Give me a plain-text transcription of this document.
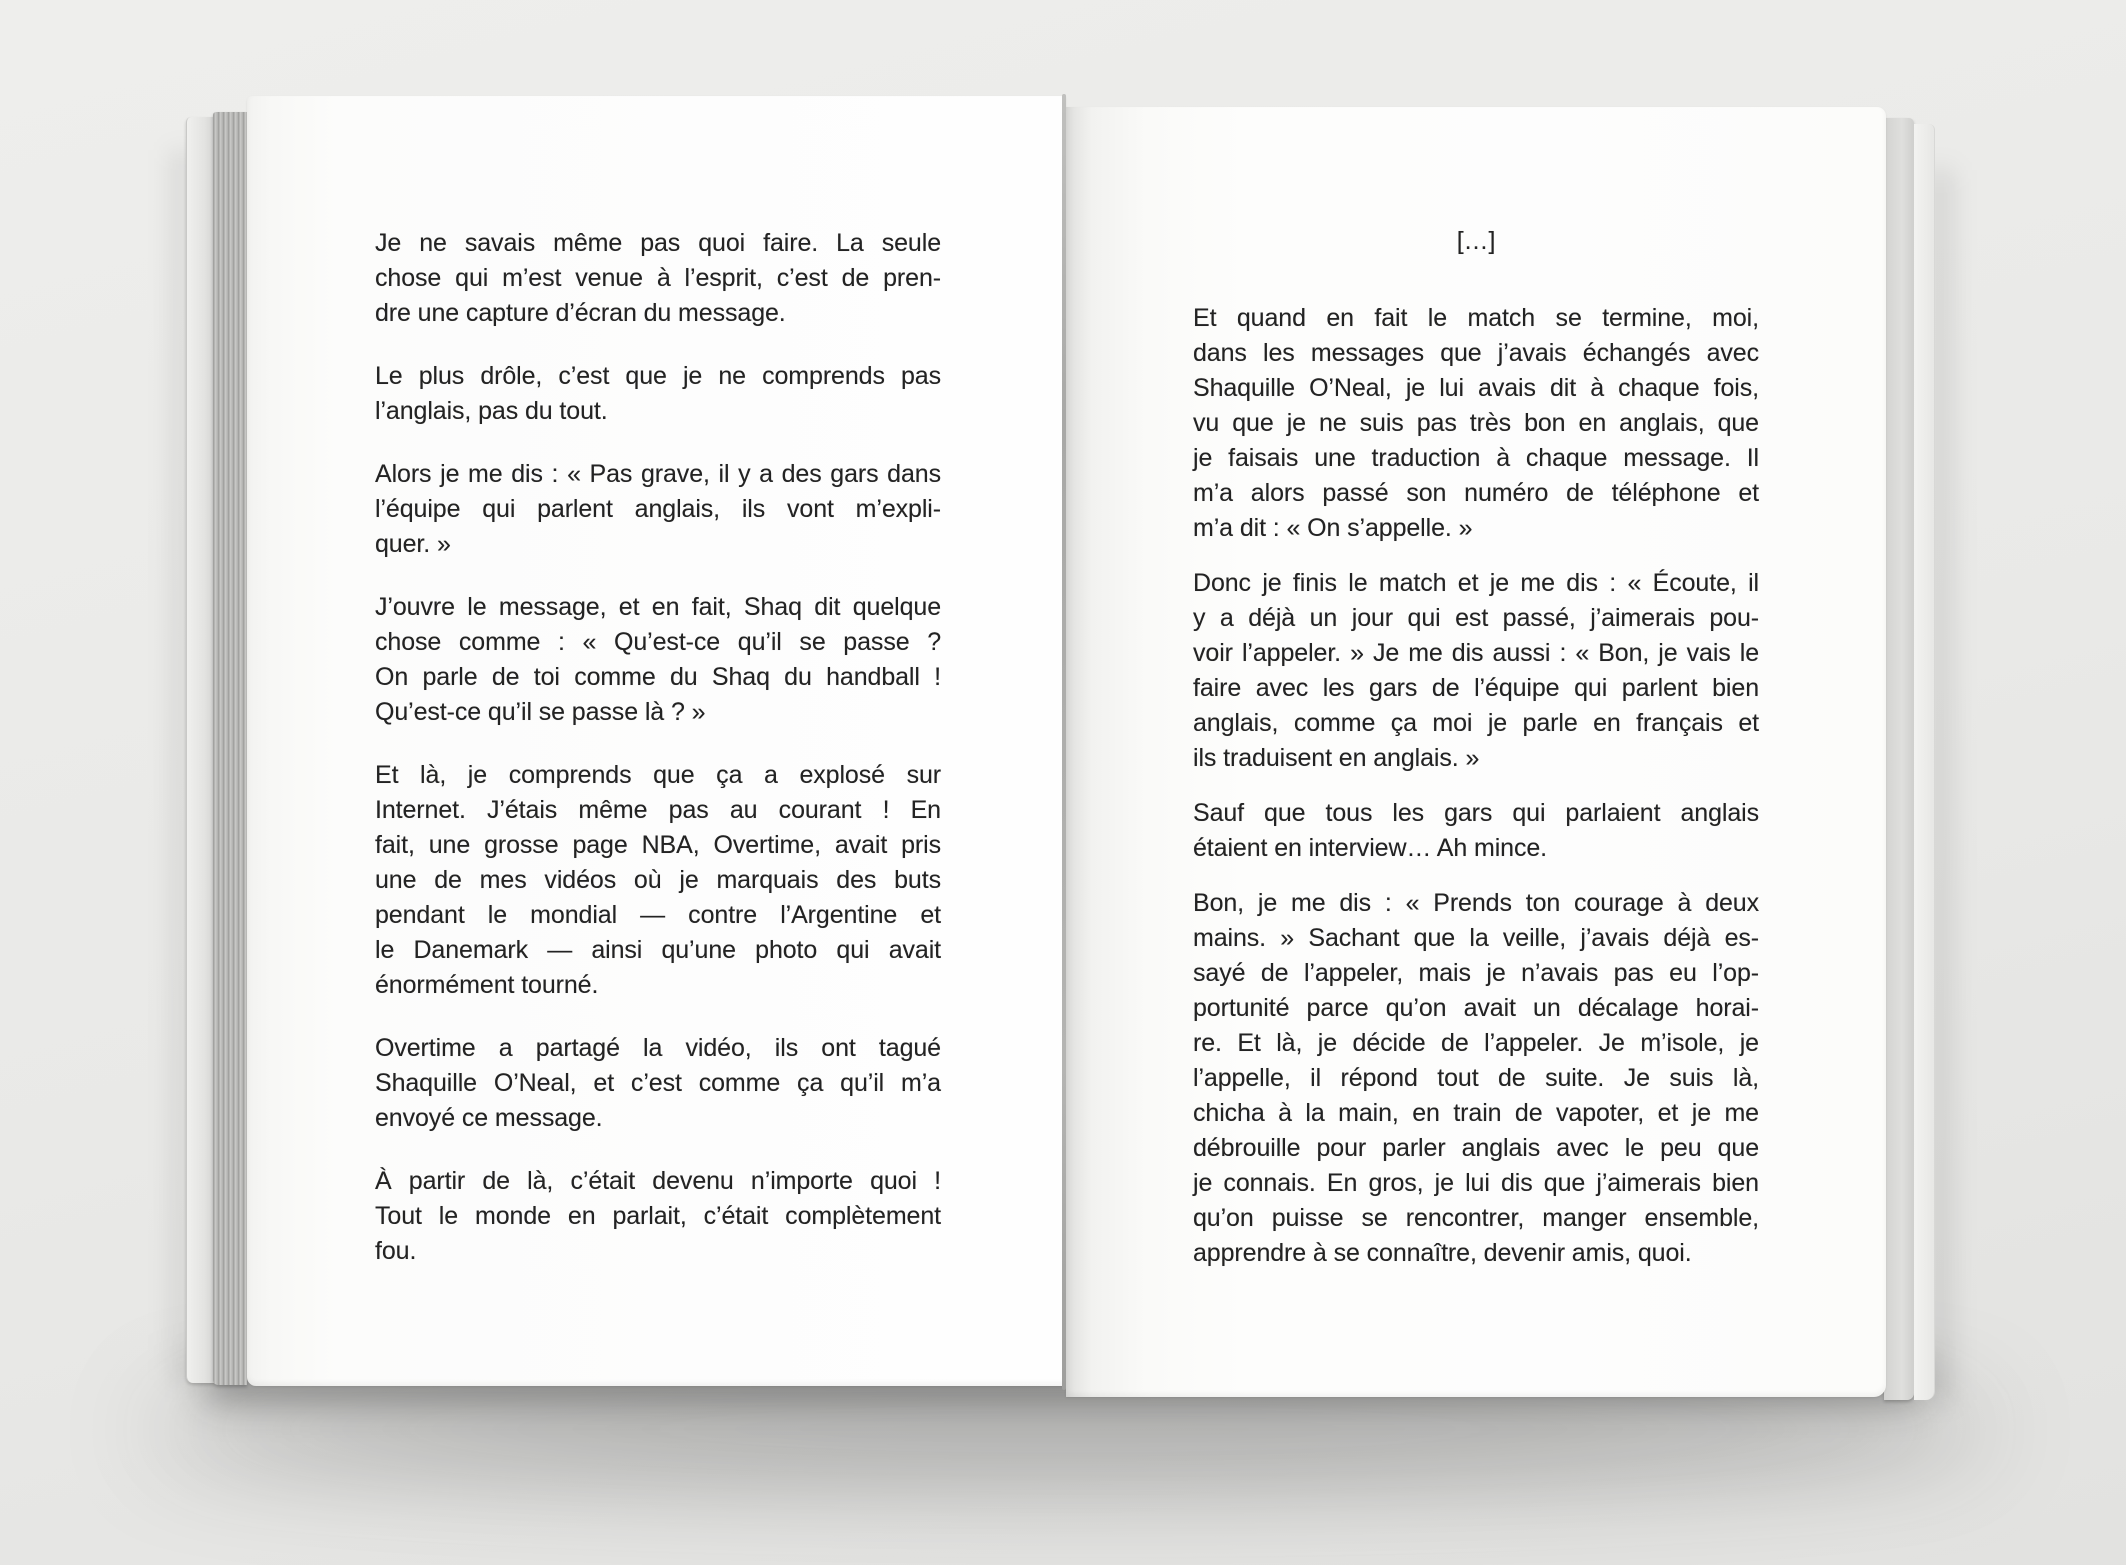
Je ne savais même pas quoi faire. La seule
chose qui m’est venue à l’esprit, c’est de pren-
dre une capture d’écran du message.
Le plus drôle, c’est que je ne comprends pas
l’anglais, pas du tout.
Alors je me dis : « Pas grave, il y a des gars dans
l’équipe qui parlent anglais, ils vont m’expli-
quer. »
J’ouvre le message, et en fait, Shaq dit quelque
chose comme : « Qu’est-ce qu’il se passe ?
On parle de toi comme du Shaq du handball !
Qu’est-ce qu’il se passe là ? »
Et là, je comprends que ça a explosé sur
Internet. J’étais même pas au courant ! En
fait, une grosse page NBA, Overtime, avait pris
une de mes vidéos où je marquais des buts
pendant le mondial — contre l’Argentine et
le Danemark — ainsi qu’une photo qui avait
énormément tourné.
Overtime a partagé la vidéo, ils ont tagué
Shaquille O’Neal, et c’est comme ça qu’il m’a
envoyé ce message.
À partir de là, c’était devenu n’importe quoi !
Tout le monde en parlait, c’était complètement
fou.
[…]
Et quand en fait le match se termine, moi,
dans les messages que j’avais échangés avec
Shaquille O’Neal, je lui avais dit à chaque fois,
vu que je ne suis pas très bon en anglais, que
je faisais une traduction à chaque message. Il
m’a alors passé son numéro de téléphone et
m’a dit : « On s’appelle. »
Donc je finis le match et je me dis : « Écoute, il
y a déjà un jour qui est passé, j’aimerais pou-
voir l’appeler. » Je me dis aussi : « Bon, je vais le
faire avec les gars de l’équipe qui parlent bien
anglais, comme ça moi je parle en français et
ils traduisent en anglais. »
Sauf que tous les gars qui parlaient anglais
étaient en interview… Ah mince.
Bon, je me dis : « Prends ton courage à deux
mains. » Sachant que la veille, j’avais déjà es-
sayé de l’appeler, mais je n’avais pas eu l’op-
portunité parce qu’on avait un décalage horai-
re. Et là, je décide de l’appeler. Je m’isole, je
l’appelle, il répond tout de suite. Je suis là,
chicha à la main, en train de vapoter, et je me
débrouille pour parler anglais avec le peu que
je connais. En gros, je lui dis que j’aimerais bien
qu’on puisse se rencontrer, manger ensemble,
apprendre à se connaître, devenir amis, quoi.
